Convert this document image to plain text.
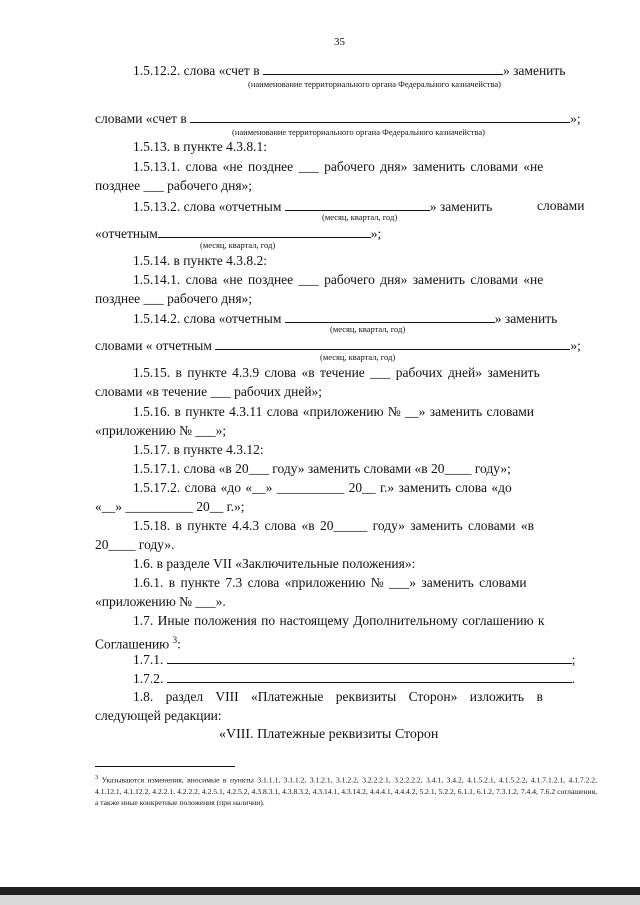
35
1.5.12.2. слова «счет в	» заменить
(наименование территориального органа Федерального казначейства)
словами «счет в	»;
(наименование территориального органа Федерального казначейства)
1.5.13. в пункте 4.3.8.1:
1.5.13.1. слова «не позднее ___ рабочего дня» заменить словами «не
позднее ___ рабочего дня»;
1.5.13.2. слова «отчетным	» заменить	словами
(месяц, квартал, год)
«отчетным	»;
(месяц, квартал, год)
1.5.14. в пункте 4.3.8.2:
1.5.14.1. слова «не позднее ___ рабочего дня» заменить словами «не
позднее ___ рабочего дня»;
1.5.14.2. слова «отчетным	» заменить
(месяц, квартал, год)
словами « отчетным	»;
(месяц, квартал, год)
1.5.15. в пункте 4.3.9 слова «в течение ___ рабочих дней» заменить
словами «в течение ___ рабочих дней»;
1.5.16. в пункте 4.3.11 слова «приложению № __» заменить словами
«приложению № ___»;
1.5.17. в пункте 4.3.12:
1.5.17.1. слова «в 20___ году» заменить словами «в 20____ году»;
1.5.17.2. слова «до «__» __________ 20__ г.» заменить слова «до
«__» __________ 20__ г.»;
1.5.18. в пункте 4.4.3 слова «в 20_____ году» заменить словами «в
20____ году».
1.6. в разделе VII «Заключительные положения»:
1.6.1. в пункте 7.3 слова «приложению № ___» заменить словами
«приложению № ___».
1.7. Иные положения по настоящему Дополнительному соглашению к
Соглашению $^3$:
1.7.1.	;
1.7.2.	.
1.8. раздел VIII «Платежные реквизиты Сторон» изложить в
следующей редакции:
«VIII. Платежные реквизиты Сторон
$^3$ Указываются изменения, вносимые в пункты 3.1.1.1, 3.1.1.2, 3.1.2.1, 3.1.2.2, 3.2.2.2.1, 3.2.2.2.2, 3.4.1, 3.4.2, 4.1.5.2.1, 4.1.5.2.2, 4.1.7.1.2.1, 4.1.7.2.2, 4.1.12.1, 4.1.12.2, 4.2.2.1, 4.2.2.2, 4.2.5.1, 4.2.5.2, 4.3.8.3.1, 4.3.8.3.2, 4.3.14.1, 4.3.14.2, 4.4.4.1, 4.4.4.2, 5.2.1, 5.2.2, 6.1.1, 6.1.2, 7.3.1.2, 7.4.4, 7.6.2 соглашения, а также иные конкретные положения (при наличии).
